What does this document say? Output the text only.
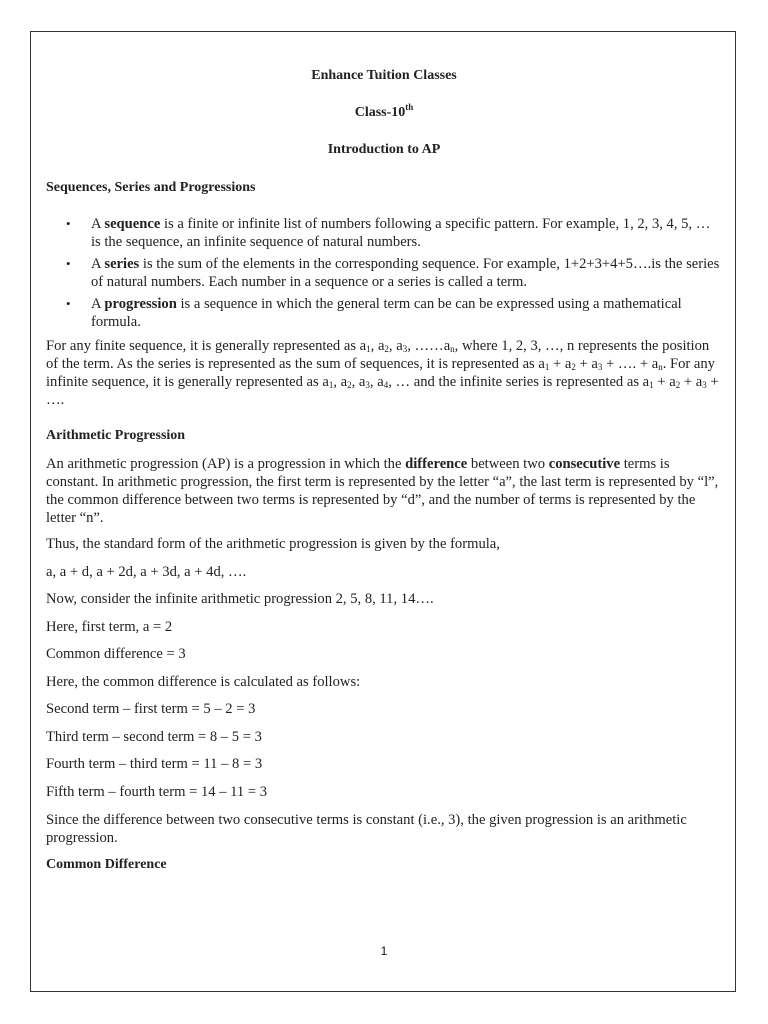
Enhance Tuition Classes
Class-10th
Introduction to AP
Sequences, Series and Progressions
• A sequence is a finite or infinite list of numbers following a specific pattern. For example, 1, 2, 3, 4, 5, … is the sequence, an infinite sequence of natural numbers.
• A series is the sum of the elements in the corresponding sequence. For example, 1+2+3+4+5….is the series of natural numbers. Each number in a sequence or a series is called a term.
• A progression is a sequence in which the general term can be can be expressed using a mathematical formula.

For any finite sequence, it is generally represented as $a_1$, $a_2$, $a_3$, $\dots\dots a_n$, where 1, 2, 3, …, n represents the position of the term. As the series is represented as the sum of sequences, it is represented as $a_1 + a_2 + a_3$ + …. + $a_n$. For any infinite sequence, it is generally represented as $a_1$, $a_2$, $a_3$, $a_4$, … and the infinite series is represented as $a_1 + a_2 + a_3$ + ….

Arithmetic Progression

An arithmetic progression (AP) is a progression in which the difference between two consecutive terms is constant. In arithmetic progression, the first term is represented by the letter “a”, the last term is represented by “l”, the common difference between two terms is represented by “d”, and the number of terms is represented by the letter “n”.

Thus, the standard form of the arithmetic progression is given by the formula,

a, a + d, a + 2d, a + 3d, a + 4d, ….

Now, consider the infinite arithmetic progression 2, 5, 8, 11, 14….

Here, first term, a = 2

Common difference = 3

Here, the common difference is calculated as follows:

Second term – first term = 5 – 2 = 3

Third term – second term = 8 – 5 = 3

Fourth term – third term = 11 – 8 = 3

Fifth term – fourth term = 14 – 11 = 3

Since the difference between two consecutive terms is constant (i.e., 3), the given progression is an arithmetic progression.

Common Difference
1
